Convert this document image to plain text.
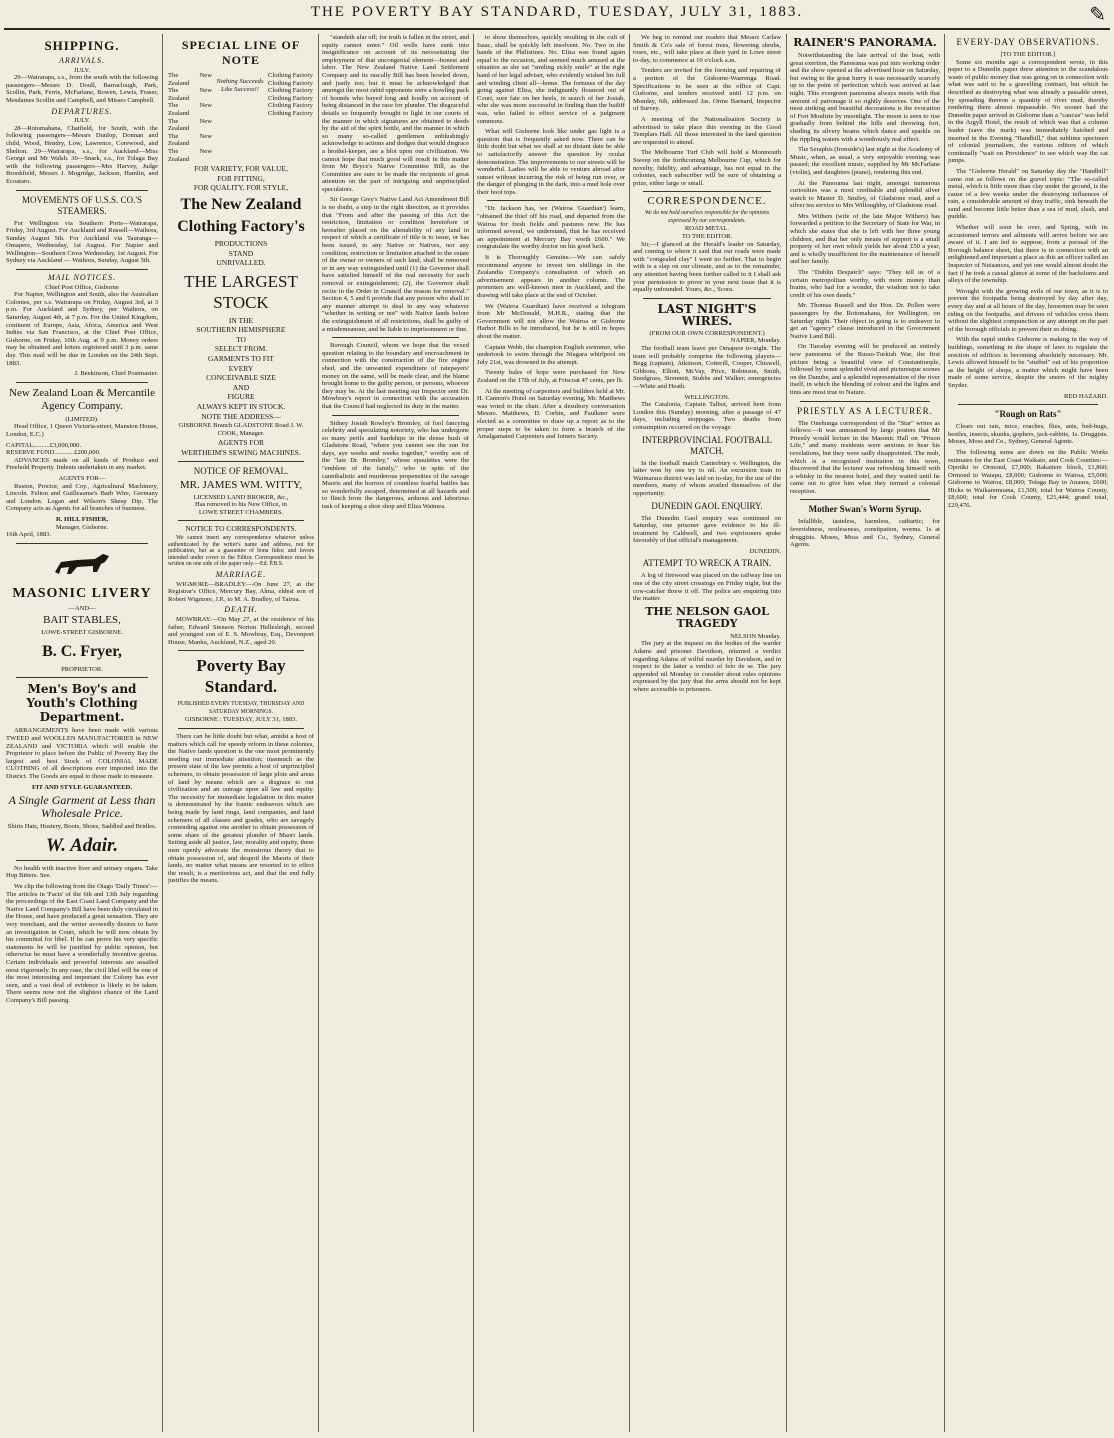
THE POVERTY BAY STANDARD, TUESDAY, JULY 31, 1883.	✎
SHIPPING.
ARRIVALS.
JULY.

29—Wairarapa, s.s., from the south with the following passengers—Messrs D. Doull, Barraclough, Park, Scollin, Park, Ferris, McFarlane, Bowen, Lewis, Fraser, Mesdames Scollin and Campbell, and Misses Campbell.

DEPARTURES.
JULY.

28—Rotomahana, Chatfield, for South, with the following passengers—Messrs Dunlop, Donnan and child, Wood, Hendry, Low, Lawrence, Corewood, and Shelton. 29—Wairarapa, s.s., for Auckland—Miss George and Mr Walsh. 30—Snark, s.s., for Tolaga Bay with the following passengers—Mrs Harvey, Judge Brookfield, Messrs J. Mogridge, Jackson, Hamlin, and Ecoataro.

MOVEMENTS OF U.S.S. CO.'S STEAMERS.

For Wellington via Southern Ports—Wairarapa, Friday, 3rd August. For Auckland and Russell—Waihora, Sunday August 5th. For Auckland via Tauranga—Omapere, Wednesday, 1st August. For Napier and Wellington—Southern Cross Wednesday, 1st August. For Sydney via Auckland — Waihora, Sunday, August 5th.

MAIL NOTICES.
Chief Post Office, Gisborne

For Napier, Wellington and South, also the Australian Colonies, per s.s. Wairarapa on Friday, August 3rd, at 3 p.m. For Auckland and Sydney, per Waihora, on Saturday, August 4th, at 7 p.m. For the United Kingdom, continent of Europe, Asia, Africa, America and West Indies via San Francisco, at the Chief Post Office, Gisborne, on Friday, 10th Aug. at 9 p.m. Money orders may be obtained and letters registered until 3 p.m. same day. This mail will be due in London on the 24th Sept. 1883.

J. Beekinson, Chief Postmaster.
New Zealand Loan & Mercantile Agency Company.
(LIMITED).

Head Office, 1 Queen Victoria-street, Mansion House, London, E.C.)

CAPITAL..........£3,000,000.
RESERVE FUND............£200,000.

ADVANCES made on all kinds of Produce and Freehold Property. Indents undertaken in any market.

AGENTS FOR—

Ruston, Proctor, and Coy., Agricultural Machinery, Lincoln. Felton and Guilleaume's Barb Wire, Germany and London. Logan and Wilson's Sheep Dip. The Company acts as Agents for all branches of business.

R. HILL FISHER,
Manager, Gisborne.
16th April, 1883.
MASONIC LIVERY
—AND—
BAIT STABLES,
LOWE-STREET GISBORNE.
B. C. Fryer,
PROPRIETOR.
Men's Boy's and Youth's Clothing Department.

ARRANGEMENTS have been made with various TWEED and WOOLLEN MANUFACTORIES in NEW ZEALAND and VICTORIA which will enable the Proprietor to place before the Public of Poverty Bay the largest and best Stock of COLONIAL MADE CLOTHING of all descriptions ever imported into the District. The Goods are equal to those made to measure.

FIT AND STYLE GUARANTEED.
A Single Garment at Less than Wholesale Price.
Shirts Hats, Hosiery, Boots, Shoes, Saddled and Bridles.
W. Adair.

No health with inactive liver and urinary organs. Take Hop Bitters. See.

We clip the following from the Otago 'Daily Times':—The articles in 'Facts' of the 6th and 13th July regarding the proceedings of the East Coast Land Company and the Native Land Company's Bill have been duly circulated in the House, and have produced a great sensation. They are very trenchant, and the writer avowedly desires to have an investigation in Court, which he will now obtain by his committal for libel. If he can prove his very specific statements he will be justified by public opinion, but otherwise he must have a wonderfully inventive genius. Certain individuals and powerful interests are assailed most vigorously. In any case, the civil libel will be one of the most interesting and important the Colony has ever seen, and a vast deal of evidence is likely to be taken. There seems now not the slightest chance of the Land Company's Bill passing.

SPECIAL LINE OF NOTE
The New Zealand
The New Zealand
The New Zealand
The New Zealand
The New Zealand
The New Zealand
Nothing Succeeds Like Success!!
Clothing Factory
Clothing Factory
Clothing Factory
Clothing Factory
Clothing Factory
Clothing Factory
FOR VARIETY, FOR VALUE,
FOR FITTING,
FOR QUALITY, FOR STYLE,
The New Zealand
Clothing Factory's
PRODUCTIONS
STAND
UNRIVALLED.
THE LARGEST STOCK
IN THE
SOUTHERN HEMISPHERE
TO
SELECT FROM.
GARMENTS TO FIT
EVERY
CONCEIVABLE SIZE
AND
FIGURE
ALWAYS KEPT IN STOCK.
NOTE THE ADDRESS—
GISBORNE Branch GLADSTONE Road J. W. COOK, Manager.
AGENTS FOR
WERTHEIM'S SEWING MACHINES.
NOTICE OF REMOVAL.
MR. JAMES WM. WITTY,
LICENSED LAND BROKER, &c.,
Has removed to his New Office, in
LOWE STREET CHAMBERS.
NOTICE TO CORRESPONDENTS.

We cannot insert any correspondence whatever unless authenticated by the writer's name and address, not for publication, but as a guarantee of bona fides; and favors intended under cover to the Editor. Correspondence must be written on one side of the paper only.—Ed. P.B.S.

MARRIAGE.

WIGMORE—BRADLEY.—On June 27, at the Registrar's Office, Mercury Bay, Alma, eldest son of Robert Wigmore, J.P., to M. A. Bradley, of Tairua.

DEATH.

MOWBRAY.—On May 27, at the residence of his father, Edward Stenson Norton Hellesleigh, second and youngest son of E. S. Mowbray, Esq., Devonport House, Manku, Auckland, N.Z., aged 20.

Poverty Bay Standard.
PUBLISHED EVERY TUESDAY, THURSDAY AND SATURDAY MORNINGS.
GISBORNE : TUESDAY, JULY 31, 1883.

There can be little doubt but what, amidst a host of matters which call for speedy reform in these colonies, the Native lands question is the one most prominently needing our immediate attention; inasmuch as the present state of the law permits a host of unprincipled schemers, to obtain possession of large plots and areas of land by means which are a disgrace to our civilization and an outrage upon all law and equity. The necessity for immediate legislation in this matter is demonstrated by the frantic endeavors which are being made by land rings, land companies, and land schemers of all classes and grades, who are savagely contending against one another to obtain possession of some share of the greatest plunder of Maori lands. Setting aside all justice, law, morality and equity, these men openly advocate the monstrous theory that to obtain possession of, and despoil the Maoris of their lands, no matter what means are resorted to to effect the result, is a meritorious act, and that the end fully justifies the means.

"standeth afar off; for truth is fallen in the street, and equity cannot enter." Oil wells have sunk into insignificance on account of its necessitating the employment of that uncongenial element—honest and labor. The New Zealand Native Land Settlement Company and its rascally Bill has been howled down, and justly too; but it must be acknowledged that amongst the most rabid opponents were a howling pack of hounds who bayed long and loudly on account of being distanced in the race for plunder. The disgraceful details so frequently brought to light in our courts of the manner in which signatures are obtained to deeds by the aid of the spirit bottle, and the manner in which so many so-called gentlemen unblushingly acknowledge to actions and dodges that would disgrace a brothel-keeper, are a blot upon our civilization. We cannot hope that much good will result in this matter from Mr Bryce's Native Committee Bill, as the Committee are sure to be made the recipients of great attention on the part of intriguing and unprincipled speculators.

Sir George Grey's Native Land Act Amendment Bill is no doubt, a step in the right direction, as it provides that "From and after the passing of this Act the restriction, limitation or condition heretofore or hereafter placed on the alienability of any land in respect of which a certificate of title is to issue, or has been issued, to any Native or Natives, nor any condition, restriction or limitation attached to the estate of the owner or owners of such land, shall be removed or in any way extinguished until (1) the Governor shall have satisfied himself of the real necessity for such removal or extinguishment; (2), the Governor shall recite in the Order in Council the reason for removal." Section 4, 5 and 6 provide that any person who shall in any manner attempt to deal in any way whatever "whether in writing or not" with Native lands before the extinguishment of all restrictions, shall be guilty of a misdemeanour, and be liable to imprisonment or fine.

Borough Council, whom we hope that the vexed question relating to the boundary and encroachment in connection with the construction of the fire engine shed, and the unwanted expenditure of ratepayers' money on the same, will be made clear, and the blame brought home to the guilty person, or persons, whoever they may be. At the last meeting our Inspector sent Dr. Mowbray's report in connection with the accusation that the Council had neglected its duty in the matter.

Sidney Josiah Rowley's Bromley, of fool fancying celebrity and speculating notoriety, who has undergone so many perils and hardships in the dense bush of Gladstone Road, "where you cannot see the sun for days, aye weeks and weeks together," worthy son of the "late Dr. Bromley," whose epaulettes were the "emblem of the family," who in spite of the cannibalistic and murderous propensities of the savage Maoris and the horrors of countless fearful battles has so wonderfully escaped, determined at all hazards and to flinch from the dangerous, arduous and laborious task of keeping a shoe shop and Eliza Waimea.

to show themselves, quickly resulting in the cult of Isaac, shall be quickly left insolvent. No. Two in the hands of the Philistines. No. Eliza was found again equal to the occasion, and seemed much amused at the situation as she sat "smiling sickly smile" at the right hand of her legal adviser, who evidently wished his full and winding client all—home. The fortunes of the day going against Eliza, she indignantly flounced out of Court, sure fate on her heels, in search of her Josiah, who she was more successful in finding than the bailiff was, who failed to effect service of a judgment summons.

What will Gisborne look like under gas light is a question that is frequently asked now. There can be little doubt but what we shall at no distant date be able to satisfactorily answer the question by ocular demonstration. The improvements to our streets will be wonderful. Ladies will be able to venture abroad after sunset without incurring the risk of being run over, or the danger of plunging in the dark, into a mud hole over their boot tops.

"Dr. Jackson has, we (Wairoa 'Guardian') learn, "obtained the thief off his road, and departed from the Wairoa for fresh fields and pastures new. He has informed several, we understand, that he has received an appointment at Mercury Bay worth £600." We congratulate the worthy doctor on his good luck.

It is Thoroughly Genuine.—We can safely recommend anyone to invest ten shillings in the Zealandia Company's consultation of which an advertisement appears in another column. The promoters are well-known men in Auckland, and the drawing will take place at the end of October.

We (Wairoa Guardian) have received a telegram from Mr McDonald, M.H.R., stating that the Government will not allow the Wairoa or Gisborne Harbor Bills to be introduced, but he is still in hopes about the matter.

Captain Webb, the champion English swimmer, who undertook to swim through the Niagara whirlpool on July 21st, was drowned in the attempt.

Twenty bales of hops were purchased for New Zealand on the 17th of July, at Friscoat 47 cents, per lb.

At the meeting of carpenters and builders held at Mr. H. Cannon's Hotel on Saturday evening, Mr. Matthews was voted to the chair. After a desultory conversation Messrs. Matthews, D. Corbin, and Faulkner were elected as a committee to draw up a report as to the proper steps to be taken to form a branch of the Amalgamated Carpenters and Joiners Society.

We beg to remind our readers that Messrs Carlaw Smith & Co's sale of forest trees, flowering shrubs, roses, etc., will take place at their yard in Lowe street to-day, to commence at 10 o'clock a.m.

Tenders are invited for the forming and repairing of a portion of the Gisborne-Waerenga Road. Specifications to be seen at the office of Capt. Gisborne, and tenders received until 12 p.m. on Monday, 6th, addressed Jas. Orme Barnard, Inspector of Survey.

A meeting of the Nationalisation Society is advertised to take place this evening in the Good Templars Hall. All those interested in the land question are requested to attend.

The Melbourne Turf Club will hold a Monmouth Sweep on the forthcoming Melbourne Cup, which for novelty, fidelity, and advantage, has not equal in the colonies, each subscriber will be sure of obtaining a prize, either large or small.

CORRESPONDENCE.
We do not hold ourselves responsible for the opinions expressed by our correspondents.
ROAD METAL.
TO THE EDITOR.

Sir,—I glanced at the Herald's leader on Saturday, and coming to where it said that our roads were made with "congealed clay" I went no further. That to begin with is a slap on our climate, and as to the remainder, any attention having been further called to it I shall ask your permission to prove in your next issue that it is equally unfounded. Yours, &c., Scora.

LAST NIGHT'S WIRES.
(FROM OUR OWN CORRESPONDENT.)
NAPIER, Monday.

The football team leave per Omapere to-night. The team will probably comprise the following players—Begg (captain), Atkinson, Cotterill, Cooper, Chiswell, Gibbons, Elliott, McVay, Price, Robinson, Smith, Snodgrass, Strennett, Stubbs and Walker; emergencies—White and Heath.

WELLINGTON.

The Catalonia, Captain Talbot, arrived here from London this (Sunday) morning, after a passage of 47 days, including stoppages. Two deaths from consumption occurred on the voyage.

INTERPROVINCIAL FOOTBALL MATCH.

In the football match Canterbury v. Wellington, the latter won by one try to nil. An excursion train to Waimarara district was laid on to-day, for the use of the members, many of whom availed themselves of the opportunity.

DUNEDIN GAOL ENQUIRY.

The Dunedin Gaol enquiry was continued on Saturday, one prisoner gave evidence to his ill-treatment by Caldwell, and two exprisoners spoke favorably of that official's management.

DUNEDIN.
ATTEMPT TO WRECK A TRAIN.

A log of firewood was placed on the railway line on one of the city street crossings on Friday night, but the cow-catcher threw it off. The police are enquiring into the matter.

THE NELSON GAOL TRAGEDY
NELSON Monday.

The jury at the inquest on the bodies of the warder Adams and prisoner Davidson, returned a verdict regarding Adams of wilful murder by Davidson, and in respect to the latter a verdict of felo de se. The jury appended nil Monday to consider about rules opinions expressed by the jury that the arms should not be kept where accessible to prisoners.

RAINER'S PANORAMA.

Notwithstanding the late arrival of the boat, with great exertion, the Panorama was put into working order and the show opened at the advertised hour on Saturday, but owing to the great hurry it was necessarily scarcely up to the point of perfection which was arrived at last night. This evergreen panorama always meets with that amount of patronage it so rightly deserves. One of the most striking and beautiful decorations is the evocation of Fort Moultrie by moonlight. The moon is seen to rise gradually from behind the hills and throwing fort, shading its silvery beams which dance and sparkle on the rippling waters with a wondrously real effect.

The Seraphis (Ironside's) last night at the Academy of Music, when, as usual, a very enjoyable evening was passed; the excellent music, supplied by Mr McFarlane (violin), and daughters (piano), rendering this end.

At the Panorama last night, amongst numerous curiosities was a most creditable and splendid silver watch to Master D. Smiley, of Gladstone road, and a silver tea service to Mrs Willoughby, of Gladstone road.

Mrs Withers (wife of the late Major Withers) has forwarded a petition to the Secretary of State for War, in which she states that she is left with her three young children, and that her only means of support is a small property of her own which yields her about £50 a year, and is wholly insufficient for the maintenance of herself and her family.

The "Dublin Despatch" says: "They tell us of a certain metropolitan worthy, with more money than brains, who had for a wonder, the wisdom not to take credit of his own deeds."

Mr. Thomas Russell and the Hon. Dr. Pollen were passengers by the Rotomahana, for Wellington, on Saturday night. Their object in going is to endeavor to get an "agency" clause introduced in the Government Native Land Bill.

On Tuesday evening will be produced an entirely new panorama of the Russo-Turkish War, the first picture being a beautiful view of Constantinople, followed by some splendid vivid and picturesque scenes on the Danube, and a splendid representation of the river itself, in which the blending of colour and the lights and tints are most true to Nature.

PRIESTLY AS A LECTURER.

The Onehunga correspondent of the "Star" writes as follows:—It was announced by large posters that Mr Priestly would lecture in the Masonic Hall on "Prison Life," and many residents were anxious to hear his revelations, but they were sadly disappointed. The mob, which is a recognized institution in this town, discovered that the lecturer was refreshing himself with a whisky in the nearest hotel, and they waited until he came out to give him what they termed a colonial reception.

Mother Swan's Worm Syrup.

Infallible, tasteless, harmless, cathartic; for feverishness, restlessness, constipation, worms. 1s at druggists. Moses, Moss and Co., Sydney, General Agents.

EVERY-DAY OBSERVATIONS.
[TO THE EDITOR.]

Some six months ago a correspondent wrote, in this paper to a Dunedin paper drew attention to the scandalous waste of public money that was going on in connection with what was said to be a gravelling contract, but which he described as destroying what was already a passable street, by spreading thereon a quantity of river mud, thereby rendering them almost impassable. No sooner had the Dunedin paper arrived in Gisborne than a "caucus" was held in the Argyll Hotel, the result of which was that a column leader (save the mark) was immediately hatched and inserted in the Evening "Handbill," that sublime specimen of colonial journalism, the various editors of which continually "wait on Providence" to see which way the cat jumps.

The "Gisborne Herald" on Saturday day the "Handbill" came out as follows on the gravel topic: "The so-called metal, which is little more than clay under the ground, is the cause of a few weeks under the destroying influences of rain, a considerable amount of dray traffic, sink beneath the sand and become little better than a sea of mud, slush, and puddle.

Whether will soon be over, and Spring, with its accustomed terrors and ailments will arrive before we are aware of it. I am led to suppose, from a perusal of the Borough balance sheet, that there is in connection with an enlightened and important a place as this an officer called an Inspector of Nuisances, and yet one would almost doubt the fact if he took a casual glance at some of the backslums and alleys of the township.

Wrought with the growing evils of our town, as it is to prevent the footpaths being destroyed by day after day, every day and at all hours of the day, horsemen may be seen riding on the footpaths, and drivers of vehicles cross them without the slightest compunction or any attempt on the part of the borough officials to prevent their so doing.

With the rapid strides Gisborne is making in the way of buildings, something in the shape of laws to regulate the erection of edifices is becoming absolutely necessary. Mr. Lewis allowed himself to be "stuffed" out of his proportion as the height of shops, a matter which might have been made of some service, despite the sneers of the mighty Snyder.

RED HAZARD.
"Rough on Rats"

Clears out rats, mice, roaches, flies, ants, bed-bugs, beetles, insects, skunks, gophers, jack-rabbits, 1s. Druggists. Moses, Moss and Co., Sydney, General Agents.

The following sums are down on the Public Works estimates for the East Coast Waikato, and Cook Counties:—Opotiki to Ormond, £7,000; Rakaitere block, £1,860; Ormond to Waiapu, £8,000; Gisborne to Wairoa, £5,000; Gisborne to Wairoa, £8,000; Tolaga Bay to Anaura, £600; Hicks to Waikaremoana, £1,500; total for Wairoa County, £8,600; total for Cook County, £21,444; grand total, £29,476.
